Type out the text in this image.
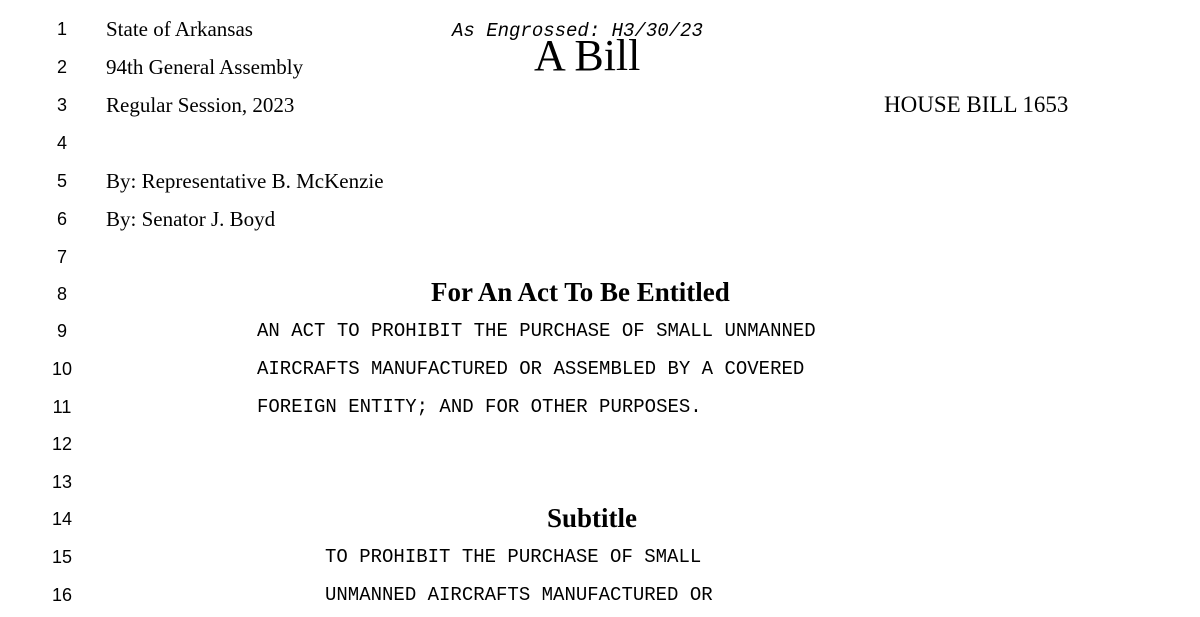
1
2
3
4
5
6
7
8
9
10
11
12
13
14
15
16
State of Arkansas
94th General Assembly
Regular Session, 2023
As Engrossed: H3/30/23
A Bill
HOUSE BILL 1653
By: Representative B. McKenzie
By: Senator J. Boyd
For An Act To Be Entitled
AN ACT TO PROHIBIT THE PURCHASE OF SMALL UNMANNED
AIRCRAFTS MANUFACTURED OR ASSEMBLED BY A COVERED
FOREIGN ENTITY; AND FOR OTHER PURPOSES.
Subtitle
TO PROHIBIT THE PURCHASE OF SMALL
UNMANNED AIRCRAFTS MANUFACTURED OR
